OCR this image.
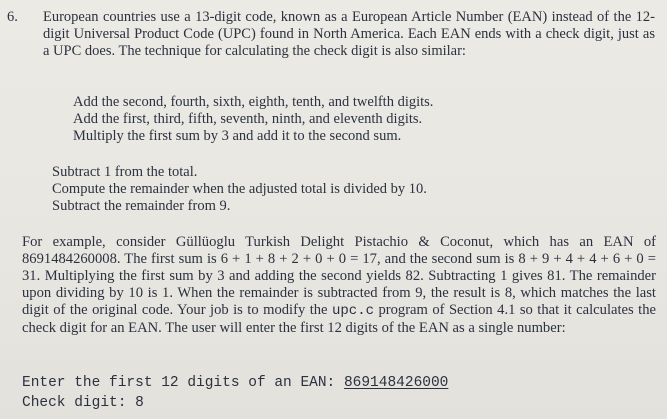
6. European countries use a 13-digit code, known as a European Article Number (EAN) instead of the 12-digit Universal Product Code (UPC) found in North America. Each EAN ends with a check digit, just as a UPC does. The technique for calculating the check digit is also similar:
Add the second, fourth, sixth, eighth, tenth, and twelfth digits.
Add the first, third, fifth, seventh, ninth, and eleventh digits.
Multiply the first sum by 3 and add it to the second sum.
Subtract 1 from the total.
Compute the remainder when the adjusted total is divided by 10.
Subtract the remainder from 9.
For example, consider Güllüoglu Turkish Delight Pistachio & Coconut, which has an EAN of 8691484260008. The first sum is 6 + 1 + 8 + 2 + 0 + 0 = 17, and the second sum is 8 + 9 + 4 + 4 + 6 + 0 = 31. Multiplying the first sum by 3 and adding the second yields 82. Subtracting 1 gives 81. The remainder upon dividing by 10 is 1. When the remainder is subtracted from 9, the result is 8, which matches the last digit of the original code. Your job is to modify the upc.c program of Section 4.1 so that it calculates the check digit for an EAN. The user will enter the first 12 digits of the EAN as a single number:
Enter the first 12 digits of an EAN: 869148426000
Check digit: 8
